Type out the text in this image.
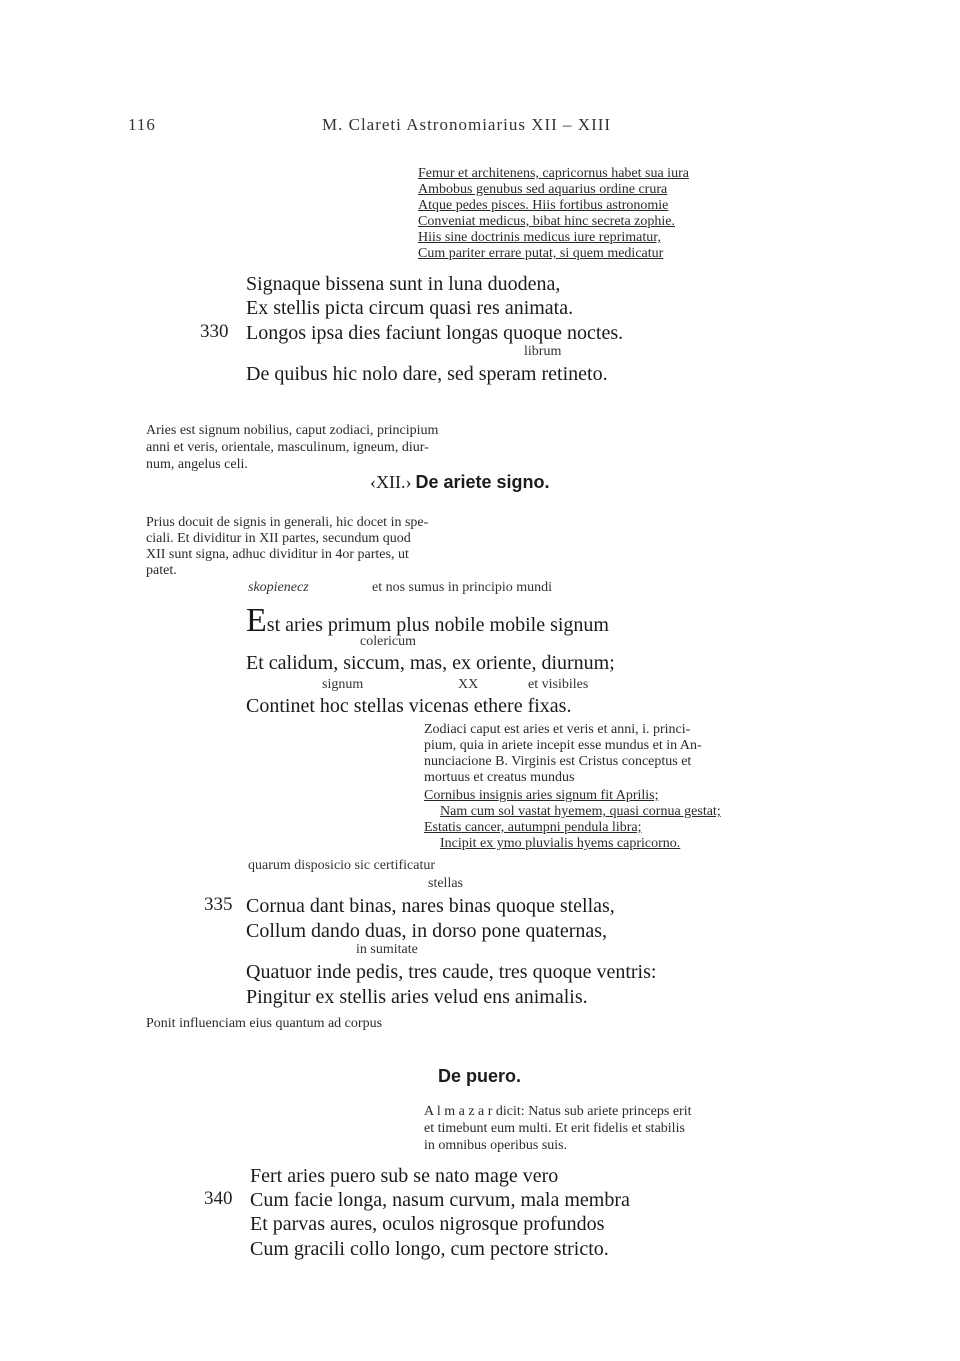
116	M. Clareti Astronomiarius XII – XIII
Femur et architenens, capricornus habet sua iura
Ambobus genubus sed aquarius ordine crura
Atque pedes pisces. Hiis fortibus astronomie
Conveniat medicus, bibat hinc secreta zophie.
Hiis sine doctrinis medicus iure reprimatur,
Cum pariter errare putat, si quem medicatur
Signaque bissena sunt in luna duodena,
Ex stellis picta circum quasi res animata.
330 Longos ipsa dies faciunt longas quoque noctes.
librum
De quibus hic nolo dare, sed speram retineto.
Aries est signum nobilius, caput zodiaci, principium
anni et veris, orientale, masculinum, igneum, diur-
num, angelus celi.
‹XII.› De ariete signo.
Prius docuit de signis in generali, hic docet in spe-
ciali. Et dividitur in XII partes, secundum quod
XII sunt signa, adhuc dividitur in 4or partes, ut
patet.
skopienecz	et nos sumus in principio mundi
Est aries primum plus nobile mobile signum
colericum
Et calidum, siccum, mas, ex oriente, diurnum;
signum	XX	et visibiles
Continet hoc stellas vicenas ethere fixas.
Zodiaci caput est aries et veris et anni, i. princi-
pium, quia in ariete incepit esse mundus et in An-
nunciacione B. Virginis est Cristus conceptus et
mortuus et creatus mundus
Cornibus insignis aries signum fit Aprilis;
Nam cum sol vastat hyemem, quasi cornua gestat;
Estatis cancer, autumpni pendula libra;
Incipit ex ymo pluvialis hyems capricorno.
quarum disposicio sic certificatur
stellas
335 Cornua dant binas, nares binas quoque stellas,
Collum dando duas, in dorso pone quaternas,
in sumitate
Quatuor inde pedis, tres caude, tres quoque ventris:
Pingitur ex stellis aries velud ens animalis.
Ponit influenciam eius quantum ad corpus
De puero.
A l m a z a r dicit: Natus sub ariete princeps erit
et timebunt eum multi. Et erit fidelis et stabilis
in omnibus operibus suis.
Fert aries puero sub se nato mage vero
340 Cum facie longa, nasum curvum, mala membra
Et parvas aures, oculos nigrosque profundos
Cum gracili collo longo, cum pectore stricto.
